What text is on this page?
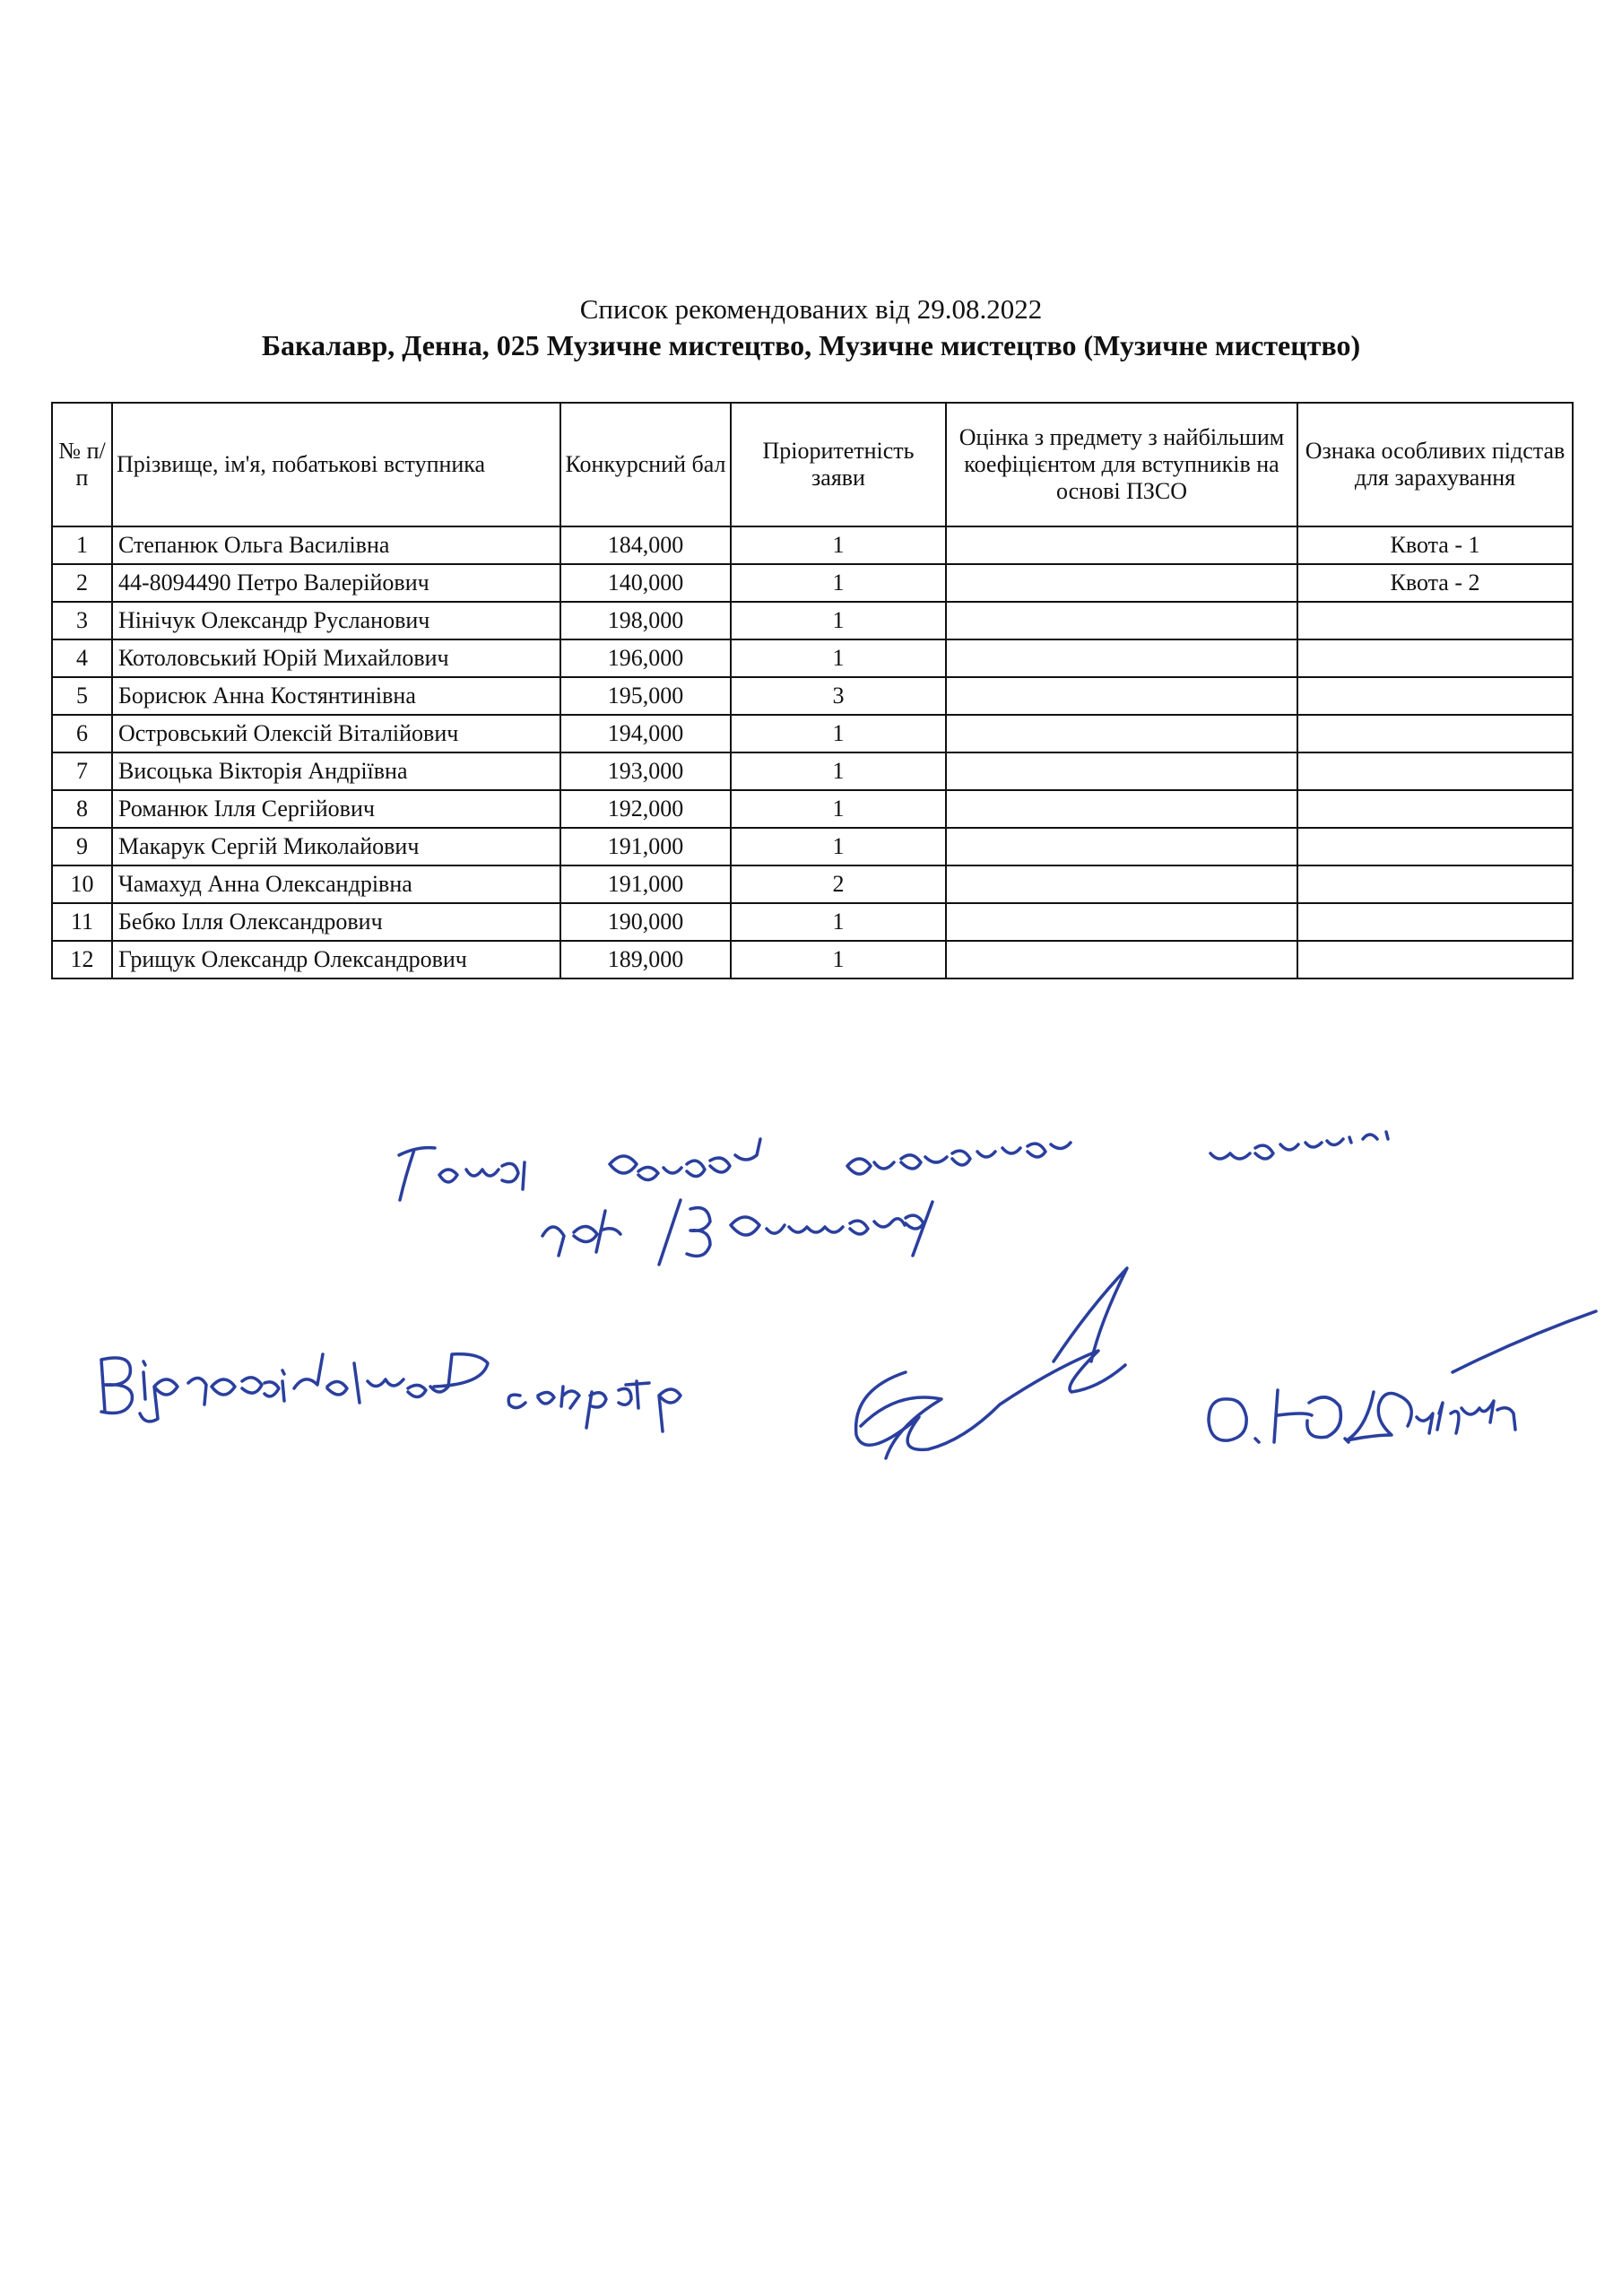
Список рекомендованих від 29.08.2022
Бакалавр, Денна, 025 Музичне мистецтво, Музичне мистецтво (Музичне мистецтво)
№ п/п	Прізвище, ім'я, побатькові вступника	Конкурсний бал	Пріоритетність заяви	Оцінка з предмету з найбільшим коефіцієнтом для вступників на основі ПЗСО	Ознака особливих підстав для зарахування
1	Степанюк Ольга Василівна	184,000	1		Квота - 1
2	44-8094490 Петро Валерійович	140,000	1		Квота - 2
3	Нінічук Олександр Русланович	198,000	1		
4	Котоловський Юрій Михайлович	196,000	1		
5	Борисюк Анна Костянтинівна	195,000	3		
6	Островський Олексій Віталійович	194,000	1		
7	Висоцька Вікторія Андріївна	193,000	1		
8	Романюк Ілля Сергійович	192,000	1		
9	Макарук Сергій Миколайович	191,000	1		
10	Чамахуд Анна Олександрівна	191,000	2		
11	Бебко Ілля Олександрович	190,000	1		
12	Грищук Олександр Олександрович	189,000	1		
